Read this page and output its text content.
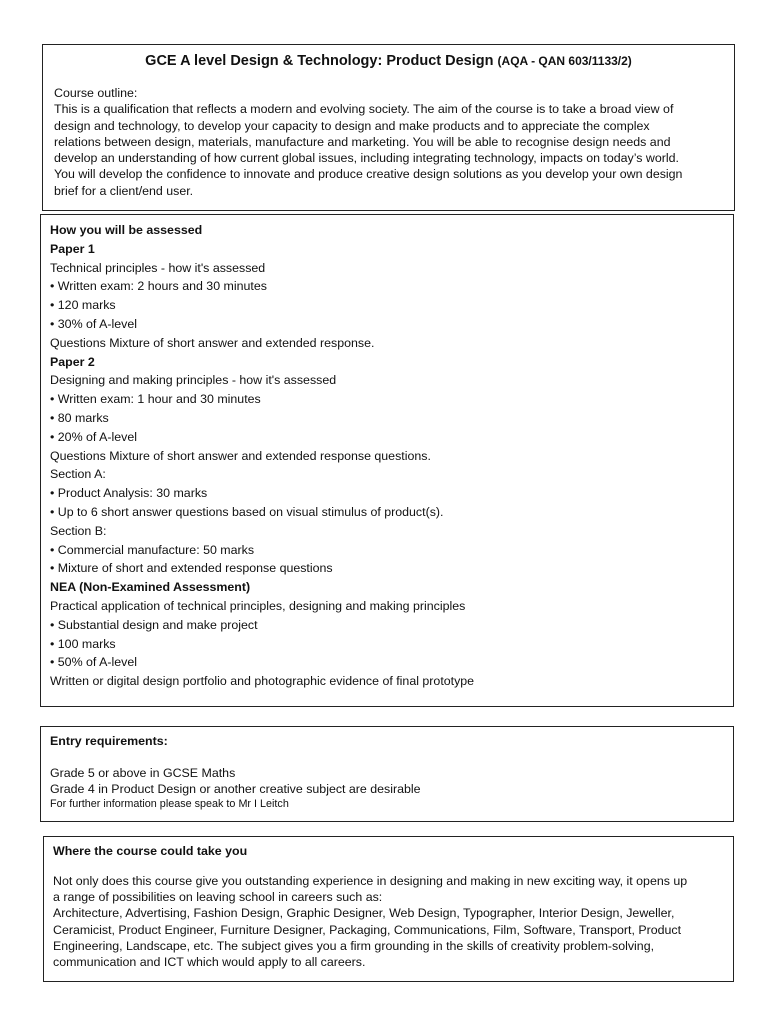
GCE A level Design & Technology: Product Design (AQA - QAN 603/1133/2)
Course outline:
This is a qualification that reflects a modern and evolving society. The aim of the course is to take a broad view of
design and technology, to develop your capacity to design and make products and to appreciate the complex
relations between design, materials, manufacture and marketing. You will be able to recognise design needs and
develop an understanding of how current global issues, including integrating technology, impacts on today’s world.
You will develop the confidence to innovate and produce creative design solutions as you develop your own design
brief for a client/end user.
How you will be assessed
Paper 1
Technical principles - how it's assessed
• Written exam: 2 hours and 30 minutes
• 120 marks
• 30% of A-level
Questions Mixture of short answer and extended response.
Paper 2
Designing and making principles - how it's assessed
• Written exam: 1 hour and 30 minutes
• 80 marks
• 20% of A-level
Questions Mixture of short answer and extended response questions.
Section A:
• Product Analysis: 30 marks
• Up to 6 short answer questions based on visual stimulus of product(s).
Section B:
• Commercial manufacture: 50 marks
• Mixture of short and extended response questions
NEA (Non-Examined Assessment)
Practical application of technical principles, designing and making principles
• Substantial design and make project
• 100 marks
• 50% of A-level
Written or digital design portfolio and photographic evidence of final prototype
Entry requirements:
Grade 5 or above in GCSE Maths
Grade 4 in Product Design or another creative subject are desirable
For further information please speak to Mr I Leitch
Where the course could take you
Not only does this course give you outstanding experience in designing and making in new exciting way, it opens up
a range of possibilities on leaving school in careers such as:
Architecture, Advertising, Fashion Design, Graphic Designer, Web Design, Typographer, Interior Design, Jeweller,
Ceramicist, Product Engineer, Furniture Designer, Packaging, Communications, Film, Software, Transport, Product
Engineering, Landscape, etc. The subject gives you a firm grounding in the skills of creativity problem-solving,
communication and ICT which would apply to all careers.
